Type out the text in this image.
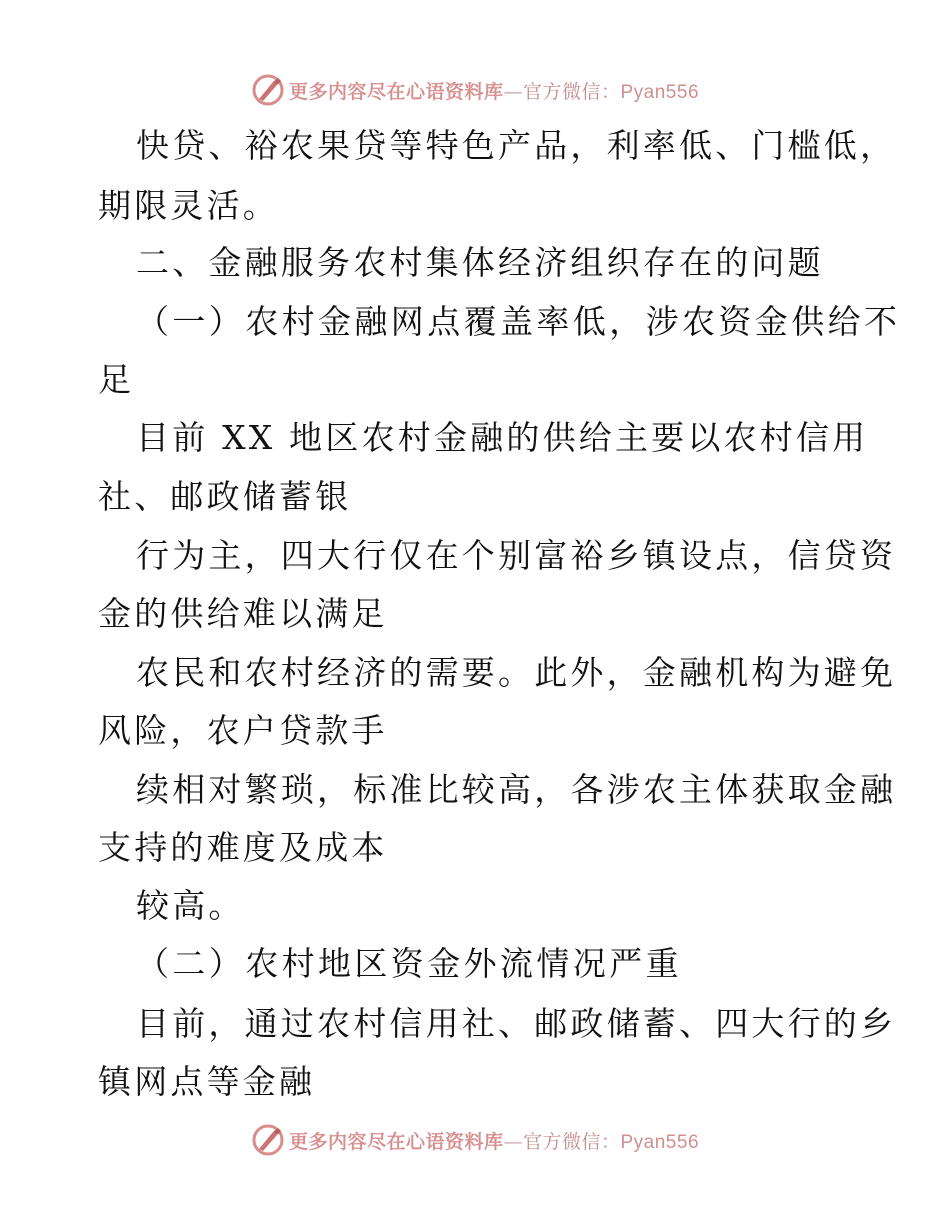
更多内容尽在心语资料库—官方微信：Pyan556
快贷、裕农果贷等特色产品，利率低、门槛低，
期限灵活。
二、金融服务农村集体经济组织存在的问题
（一）农村金融网点覆盖率低，涉农资金供给不
足
目前 XX 地区农村金融的供给主要以农村信用
社、邮政储蓄银
行为主，四大行仅在个别富裕乡镇设点，信贷资
金的供给难以满足
农民和农村经济的需要。此外，金融机构为避免
风险，农户贷款手
续相对繁琐，标准比较高，各涉农主体获取金融
支持的难度及成本
较高。
（二）农村地区资金外流情况严重
目前，通过农村信用社、邮政储蓄、四大行的乡
镇网点等金融
更多内容尽在心语资料库—官方微信：Pyan556
